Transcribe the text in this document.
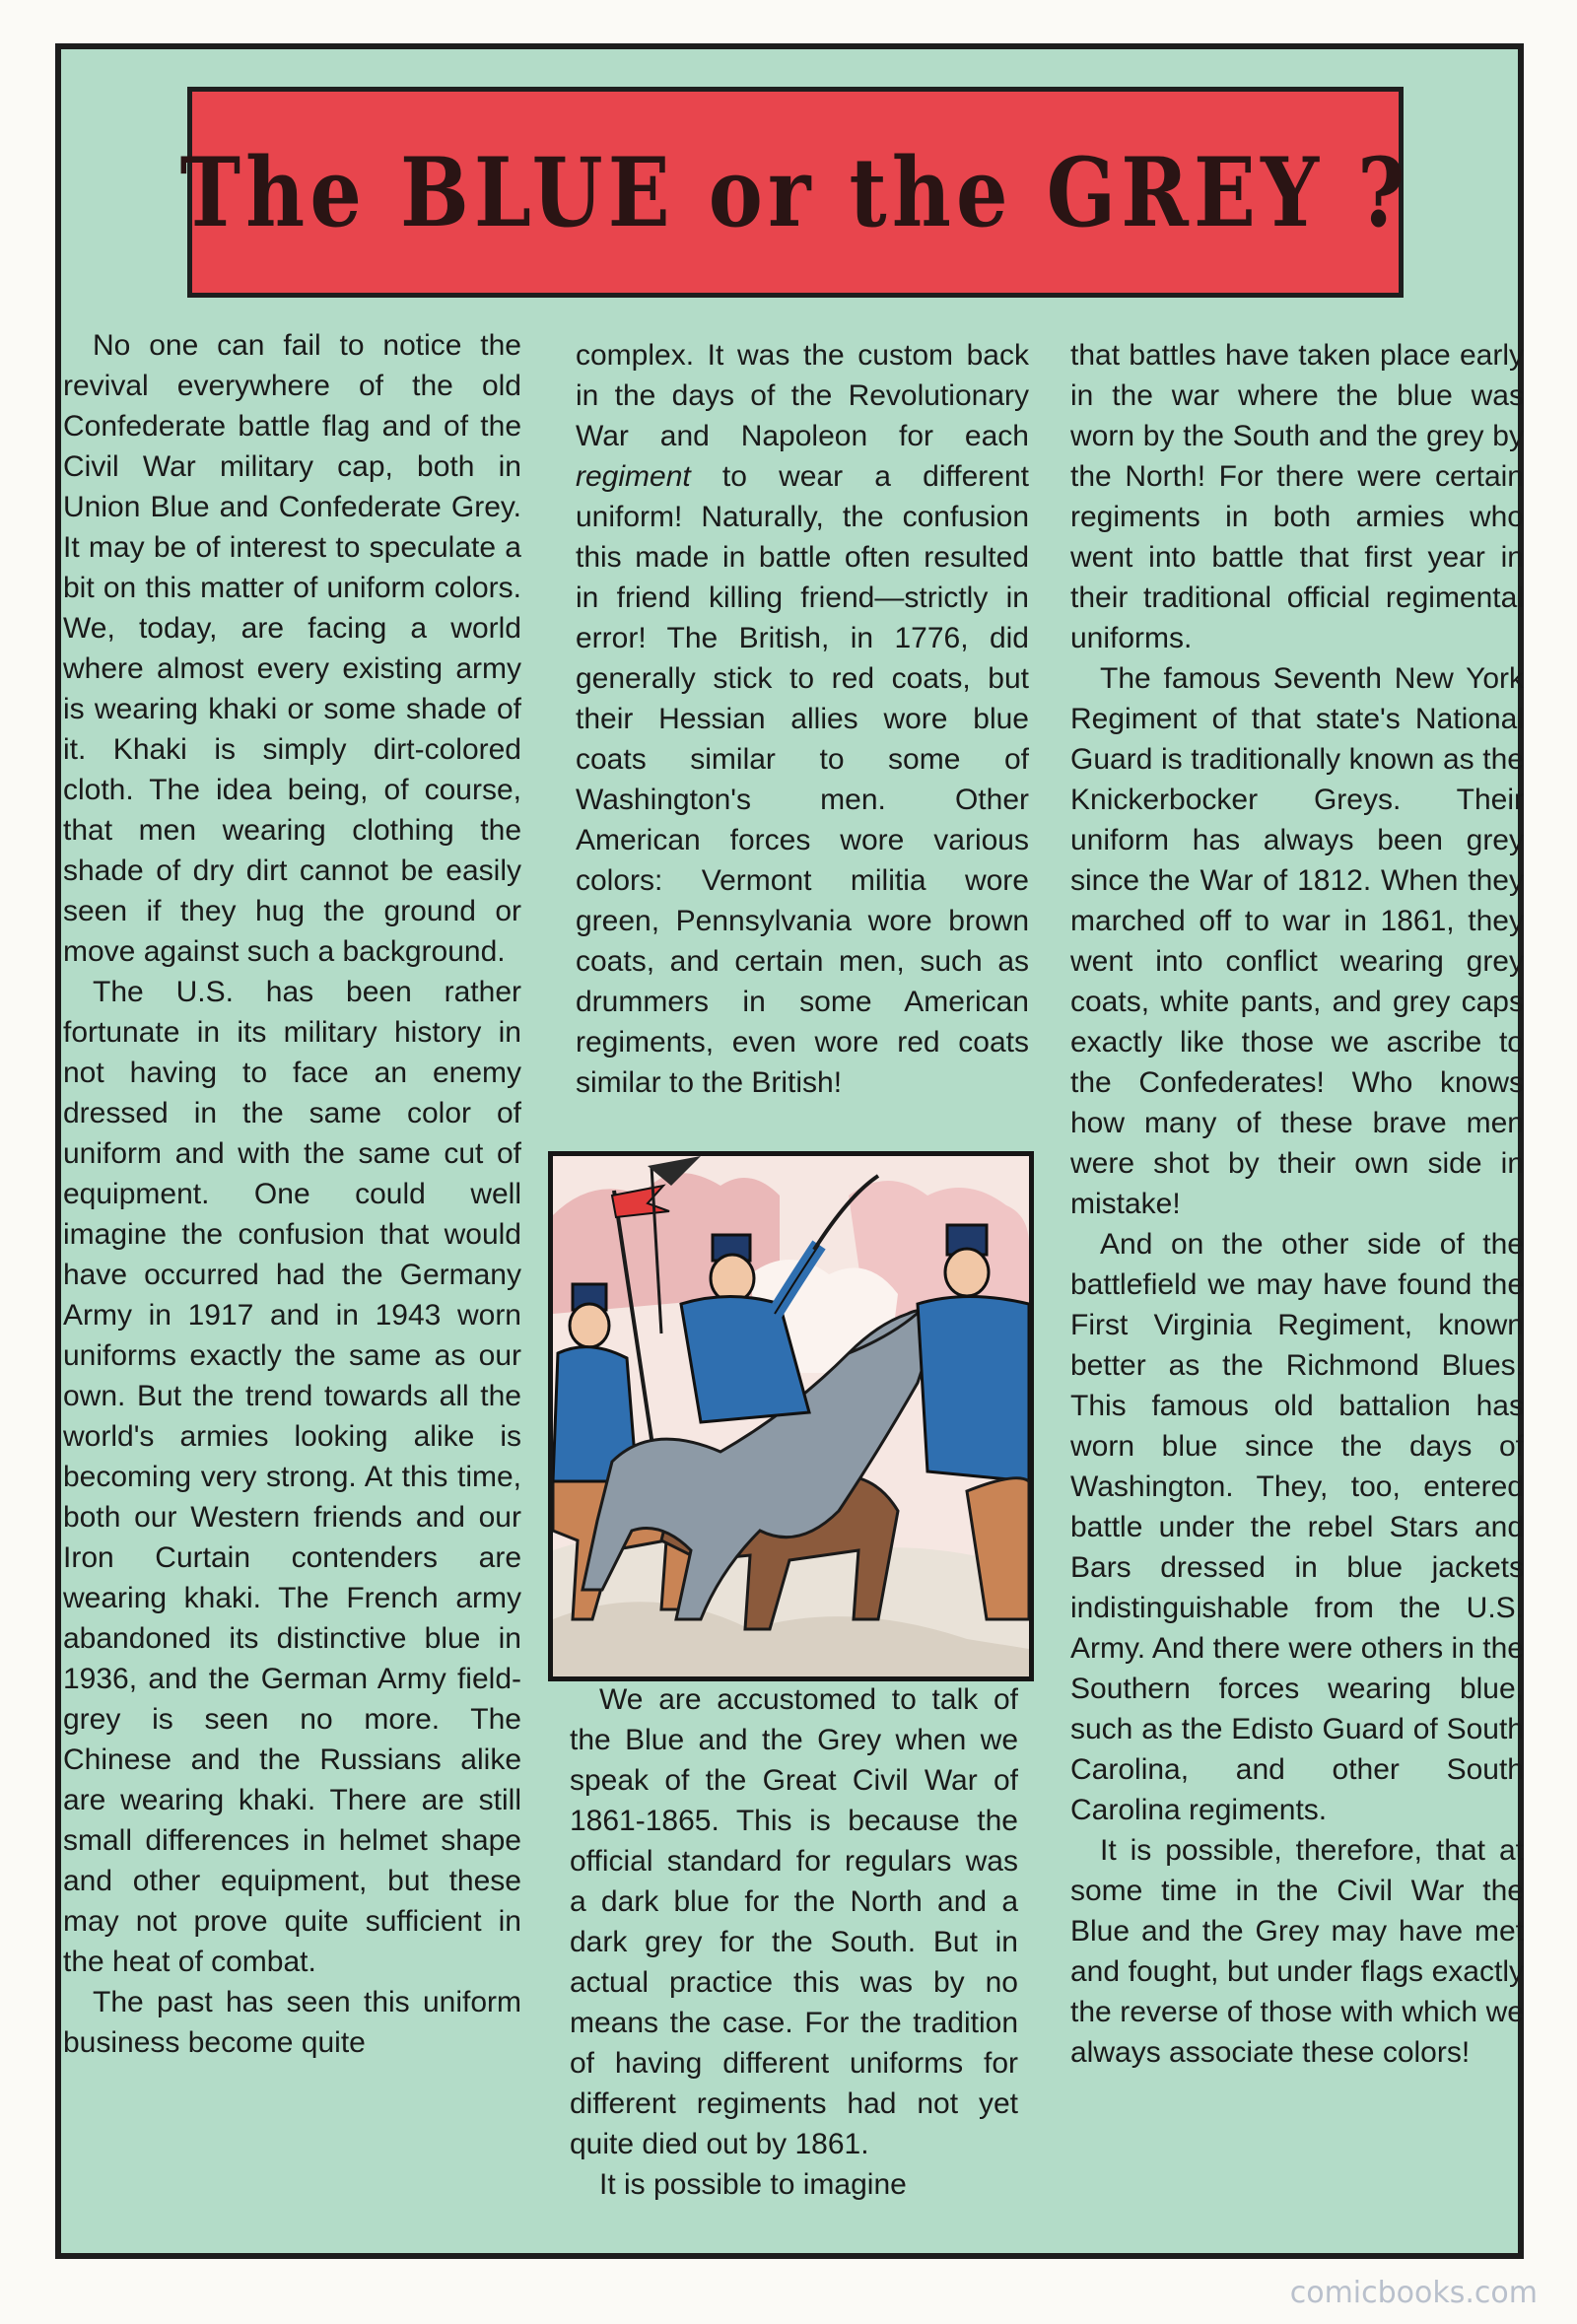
The BLUE or the GREY ?

No one can fail to notice the revival everywhere of the old Confederate battle flag and of the Civil War military cap, both in Union Blue and Confederate Grey. It may be of interest to speculate a bit on this matter of uniform colors. We, today, are facing a world where almost every existing army is wearing khaki or some shade of it. Khaki is simply dirt-colored cloth. The idea being, of course, that men wearing clothing the shade of dry dirt cannot be easily seen if they hug the ground or move against such a background.

The U.S. has been rather fortunate in its military history in not having to face an enemy dressed in the same color of uniform and with the same cut of equipment. One could well imagine the confusion that would have occurred had the Germany Army in 1917 and in 1943 worn uniforms exactly the same as our own. But the trend towards all the world's armies looking alike is becoming very strong. At this time, both our Western friends and our Iron Curtain contenders are wearing khaki. The French army abandoned its distinctive blue in 1936, and the German Army field-grey is seen no more. The Chinese and the Russians alike are wearing khaki. There are still small differences in helmet shape and other equipment, but these may not prove quite sufficient in the heat of combat.

The past has seen this uniform business become quite

complex. It was the custom back in the days of the Revolutionary War and Napoleon for each regiment to wear a different uniform! Naturally, the confusion this made in battle often resulted in friend killing friend—strictly in error! The British, in 1776, did generally stick to red coats, but their Hessian allies wore blue coats similar to some of Washington's men. Other American forces wore various colors: Vermont militia wore green, Pennsylvania wore brown coats, and certain men, such as drummers in some American regiments, even wore red coats similar to the British!

We are accustomed to talk of the Blue and the Grey when we speak of the Great Civil War of 1861-1865. This is because the official standard for regulars was a dark blue for the North and a dark grey for the South. But in actual practice this was by no means the case. For the tradition of having different uniforms for different regiments had not yet quite died out by 1861.

It is possible to imagine

that battles have taken place early in the war where the blue was worn by the South and the grey by the North! For there were certain regiments in both armies who went into battle that first year in their traditional official regimental uniforms.

The famous Seventh New York Regiment of that state's National Guard is traditionally known as the Knickerbocker Greys. Their uniform has always been grey since the War of 1812. When they marched off to war in 1861, they went into conflict wearing grey coats, white pants, and grey caps exactly like those we ascribe to the Confederates! Who knows how many of these brave men were shot by their own side in mistake!

And on the other side of the battlefield we may have found the First Virginia Regiment, known better as the Richmond Blues. This famous old battalion has worn blue since the days of Washington. They, too, entered battle under the rebel Stars and Bars dressed in blue jackets indistinguishable from the U.S. Army. And there were others in the Southern forces wearing blue, such as the Edisto Guard of South Carolina, and other South Carolina regiments.

It is possible, therefore, that at some time in the Civil War the Blue and the Grey may have met and fought, but under flags exactly the reverse of those with which we always associate these colors!

comicbooks.com
